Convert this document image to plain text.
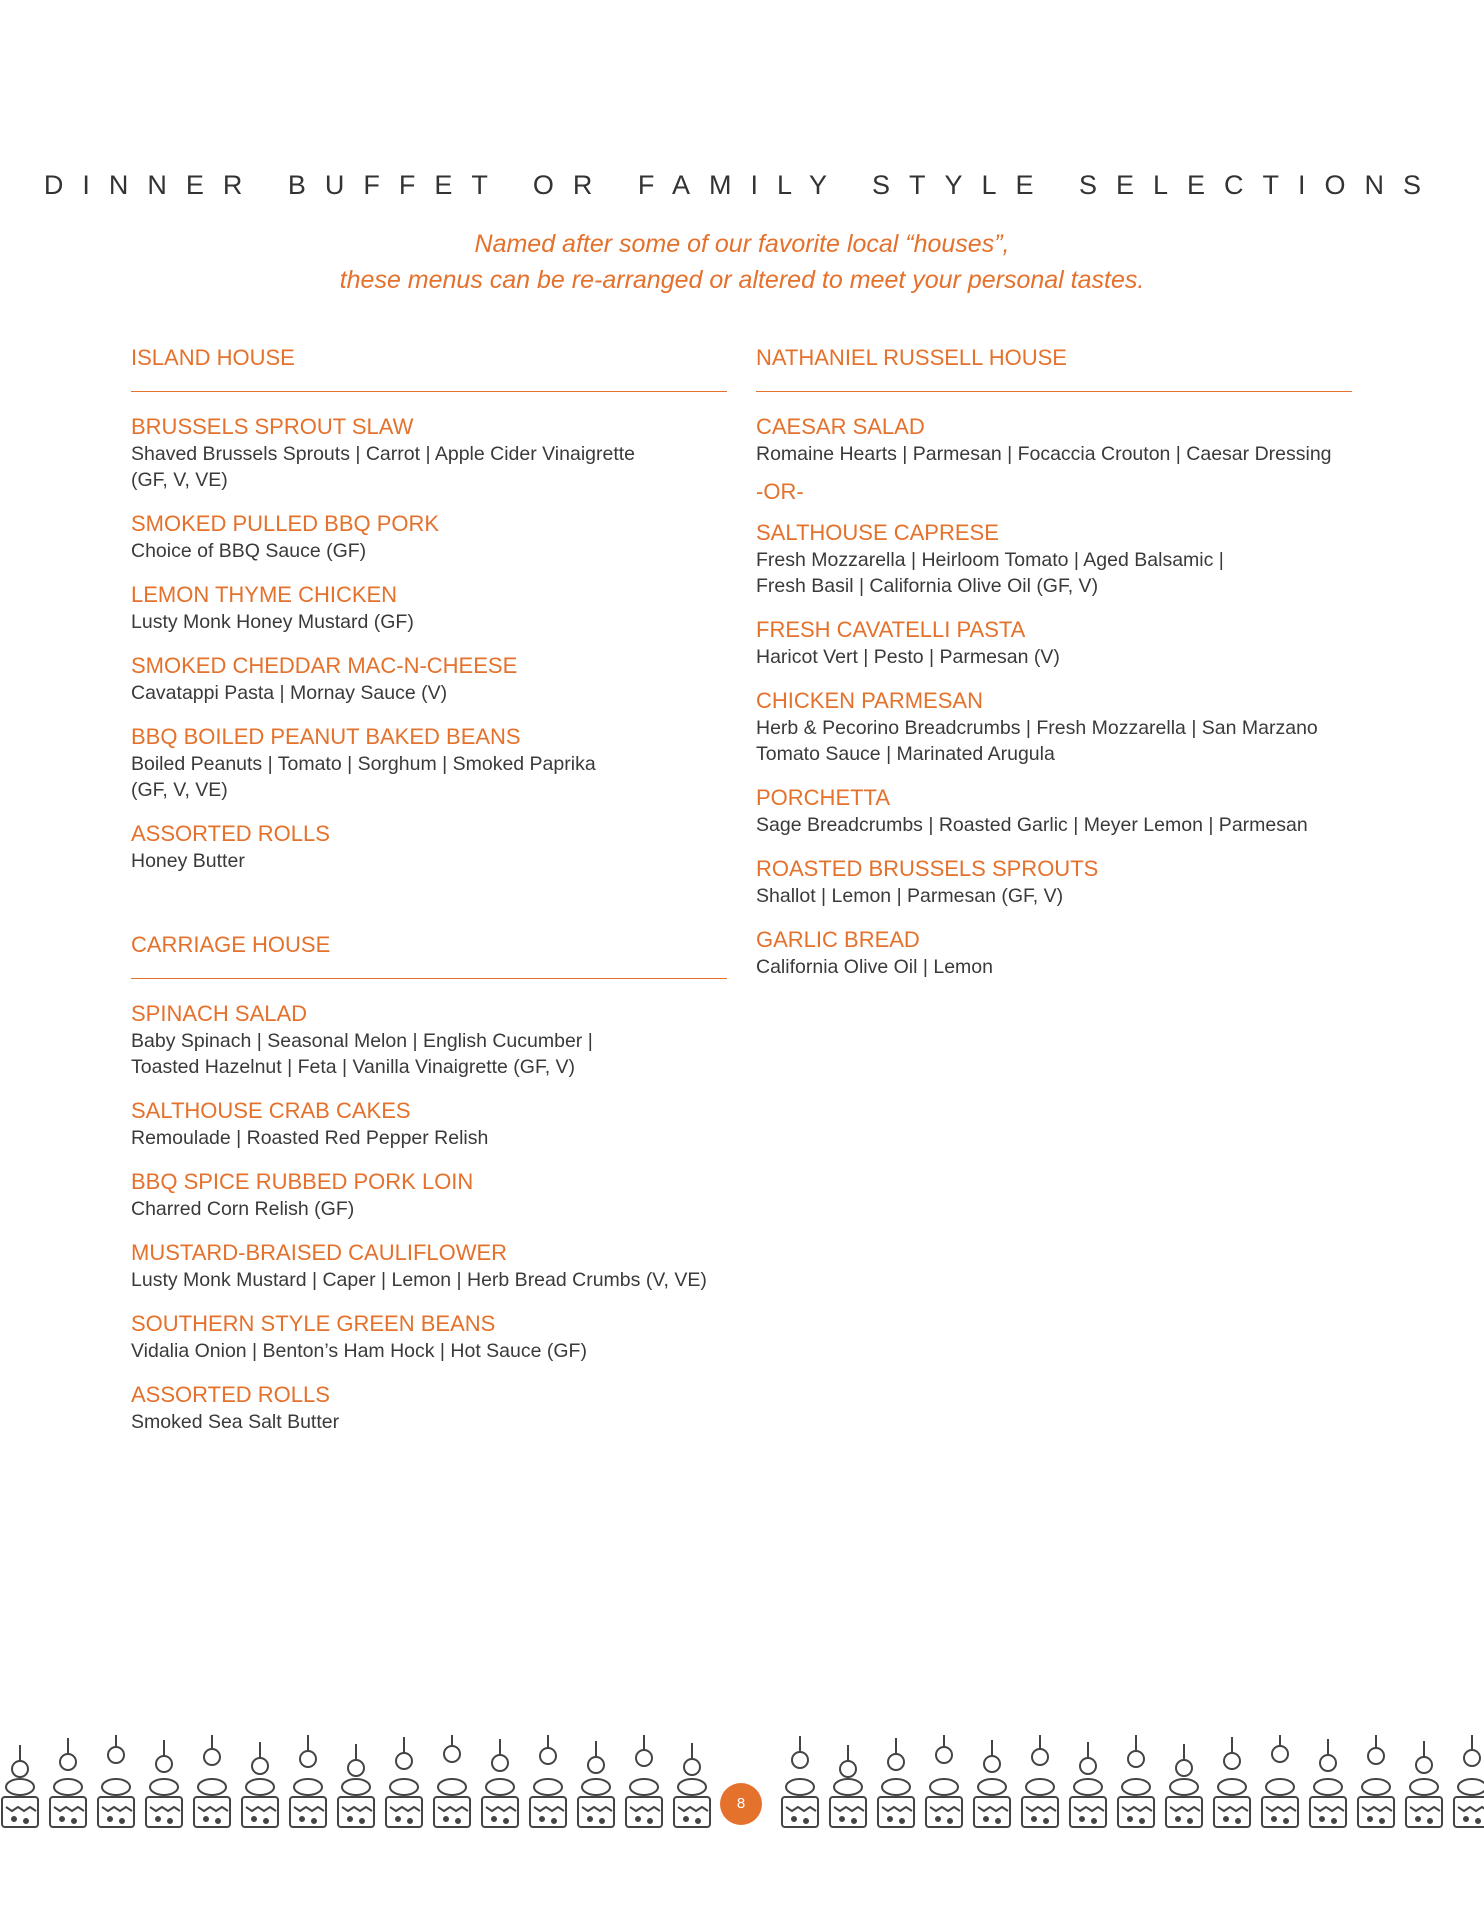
DINNER BUFFET OR FAMILY STYLE SELECTIONS
Named after some of our favorite local “houses”,
these menus can be re-arranged or altered to meet your personal tastes.
ISLAND HOUSE
BRUSSELS SPROUT SLAW
Shaved Brussels Sprouts | Carrot | Apple Cider Vinaigrette
(GF, V, VE)
SMOKED PULLED BBQ PORK
Choice of BBQ Sauce (GF)
LEMON THYME CHICKEN
Lusty Monk Honey Mustard (GF)
SMOKED CHEDDAR MAC-N-CHEESE
Cavatappi Pasta | Mornay Sauce (V)
BBQ BOILED PEANUT BAKED BEANS
Boiled Peanuts | Tomato | Sorghum | Smoked Paprika
(GF, V, VE)
ASSORTED ROLLS
Honey Butter
CARRIAGE HOUSE
SPINACH SALAD
Baby Spinach | Seasonal Melon | English Cucumber |
Toasted Hazelnut | Feta | Vanilla Vinaigrette (GF, V)
SALTHOUSE CRAB CAKES
Remoulade | Roasted Red Pepper Relish
BBQ SPICE RUBBED PORK LOIN
Charred Corn Relish (GF)
MUSTARD-BRAISED CAULIFLOWER
Lusty Monk Mustard | Caper | Lemon | Herb Bread Crumbs (V, VE)
SOUTHERN STYLE GREEN BEANS
Vidalia Onion | Benton’s Ham Hock | Hot Sauce (GF)
ASSORTED ROLLS
Smoked Sea Salt Butter
NATHANIEL RUSSELL HOUSE
CAESAR SALAD
Romaine Hearts | Parmesan | Focaccia Crouton | Caesar Dressing
-OR-
SALTHOUSE CAPRESE
Fresh Mozzarella | Heirloom Tomato | Aged Balsamic |
Fresh Basil | California Olive Oil (GF, V)
FRESH CAVATELLI PASTA
Haricot Vert | Pesto | Parmesan (V)
CHICKEN PARMESAN
Herb & Pecorino Breadcrumbs | Fresh Mozzarella | San Marzano
Tomato Sauce | Marinated Arugula
PORCHETTA
Sage Breadcrumbs | Roasted Garlic | Meyer Lemon | Parmesan
ROASTED BRUSSELS SPROUTS
Shallot | Lemon | Parmesan (GF, V)
GARLIC BREAD
California Olive Oil | Lemon
8
